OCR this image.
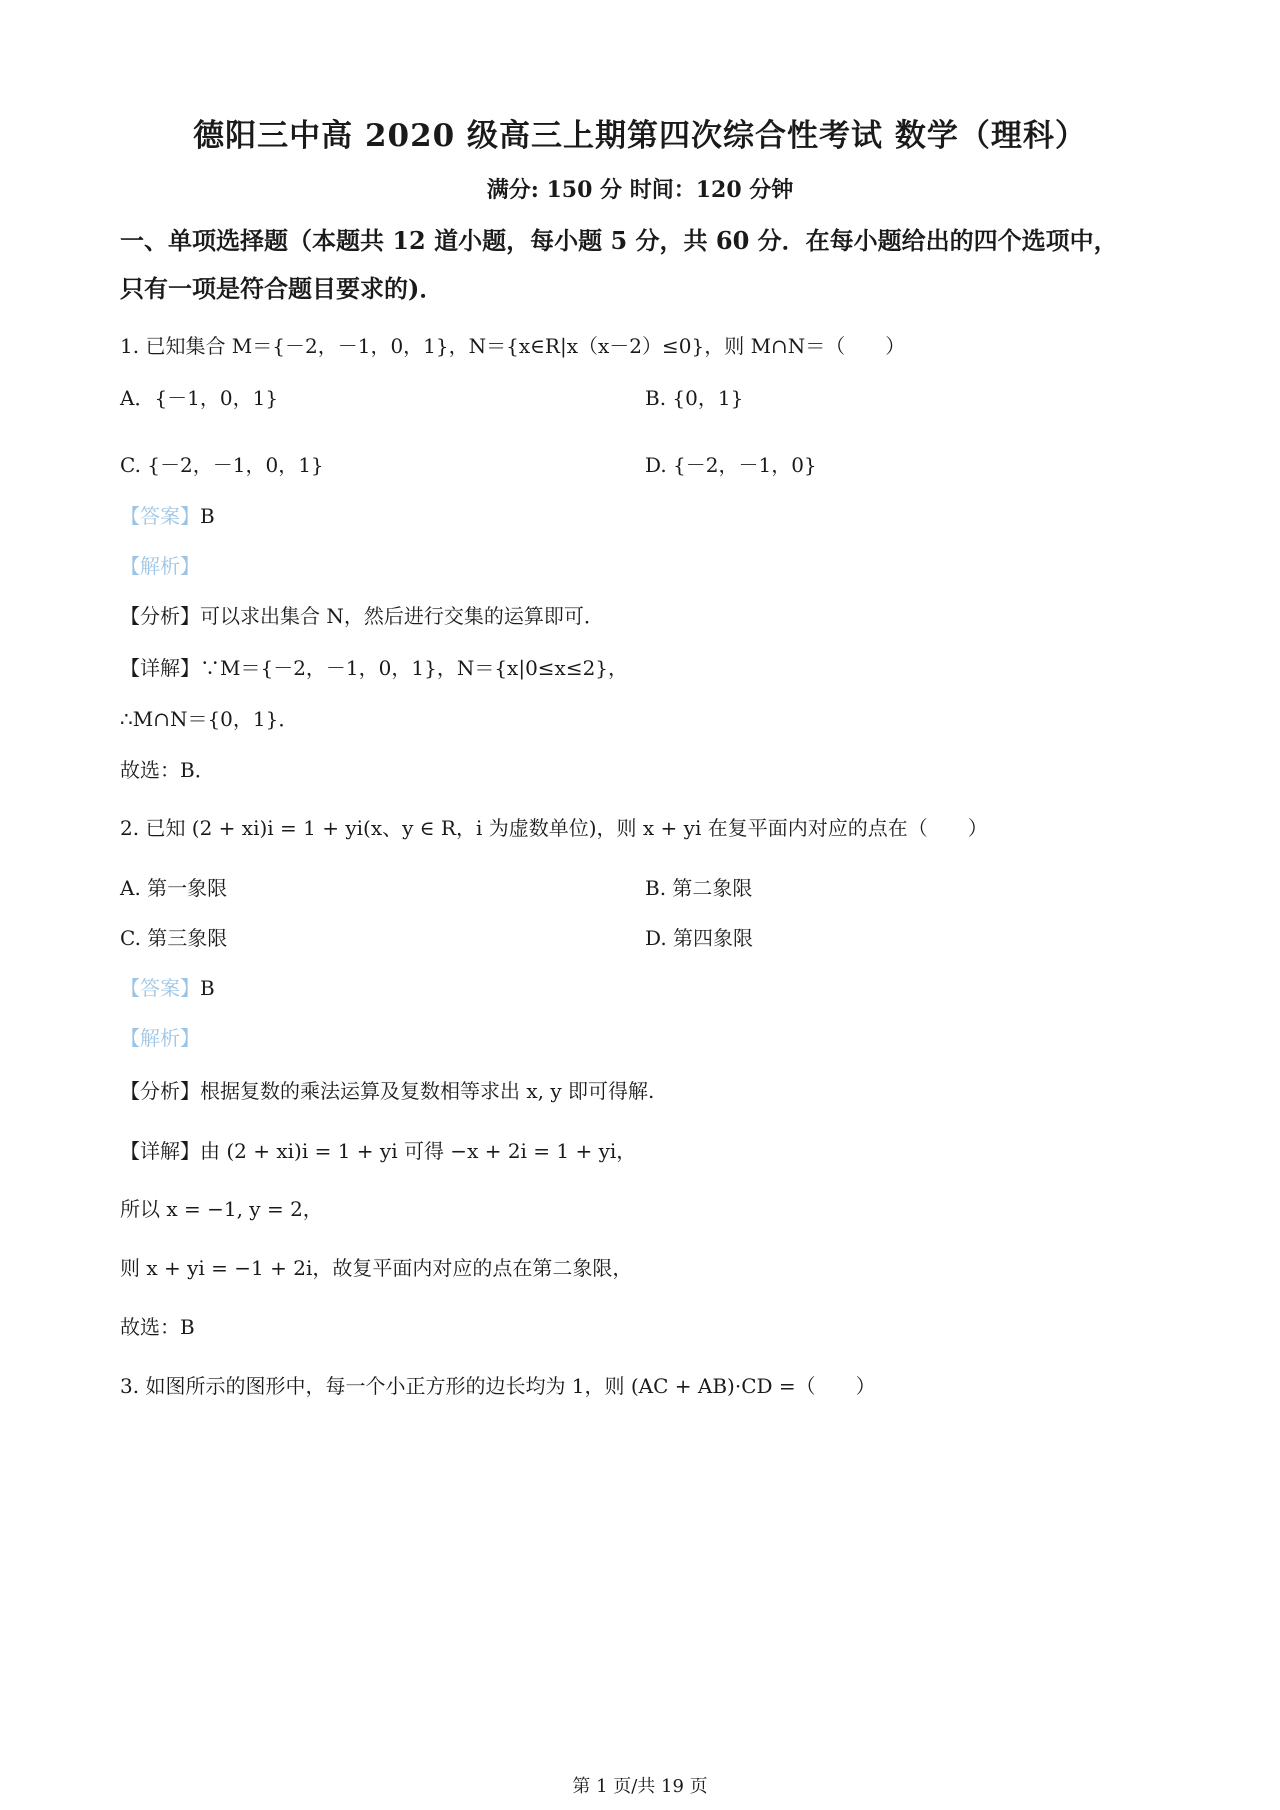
德阳三中高 2020 级高三上期第四次综合性考试 数学（理科）
满分: 150 分 时间：120 分钟
一、单项选择题（本题共 12 道小题，每小题 5 分，共 60 分．在每小题给出的四个选项中，
只有一项是符合题目要求的)．
1. 已知集合 M＝{－2，－1，0，1}，N＝{x∈R|x（x－2）≤0}，则 M∩N＝（　　）
A．{－1，0，1}	B. {0，1}
C. {－2，－1，0，1}	D. {－2，－1，0}
【答案】B
【解析】
【分析】可以求出集合 N，然后进行交集的运算即可．
【详解】∵M＝{－2，－1，0，1}，N＝{x|0≤x≤2}，
∴M∩N＝{0，1}．
故选：B．
2. 已知 (2 + xi)i = 1 + yi(x、y ∈ R，i 为虚数单位)，则 x + yi 在复平面内对应的点在（　　）
A. 第一象限	B. 第二象限
C. 第三象限	D. 第四象限
【答案】B
【解析】
【分析】根据复数的乘法运算及复数相等求出 x, y 即可得解.
【详解】由 (2 + xi)i = 1 + yi 可得 −x + 2i = 1 + yi，
所以 x = −1, y = 2，
则 x + yi = −1 + 2i，故复平面内对应的点在第二象限，
故选：B
3. 如图所示的图形中，每一个小正方形的边长均为 1，则 (AC + AB)·CD =（　　）
第 1 页/共 19 页
